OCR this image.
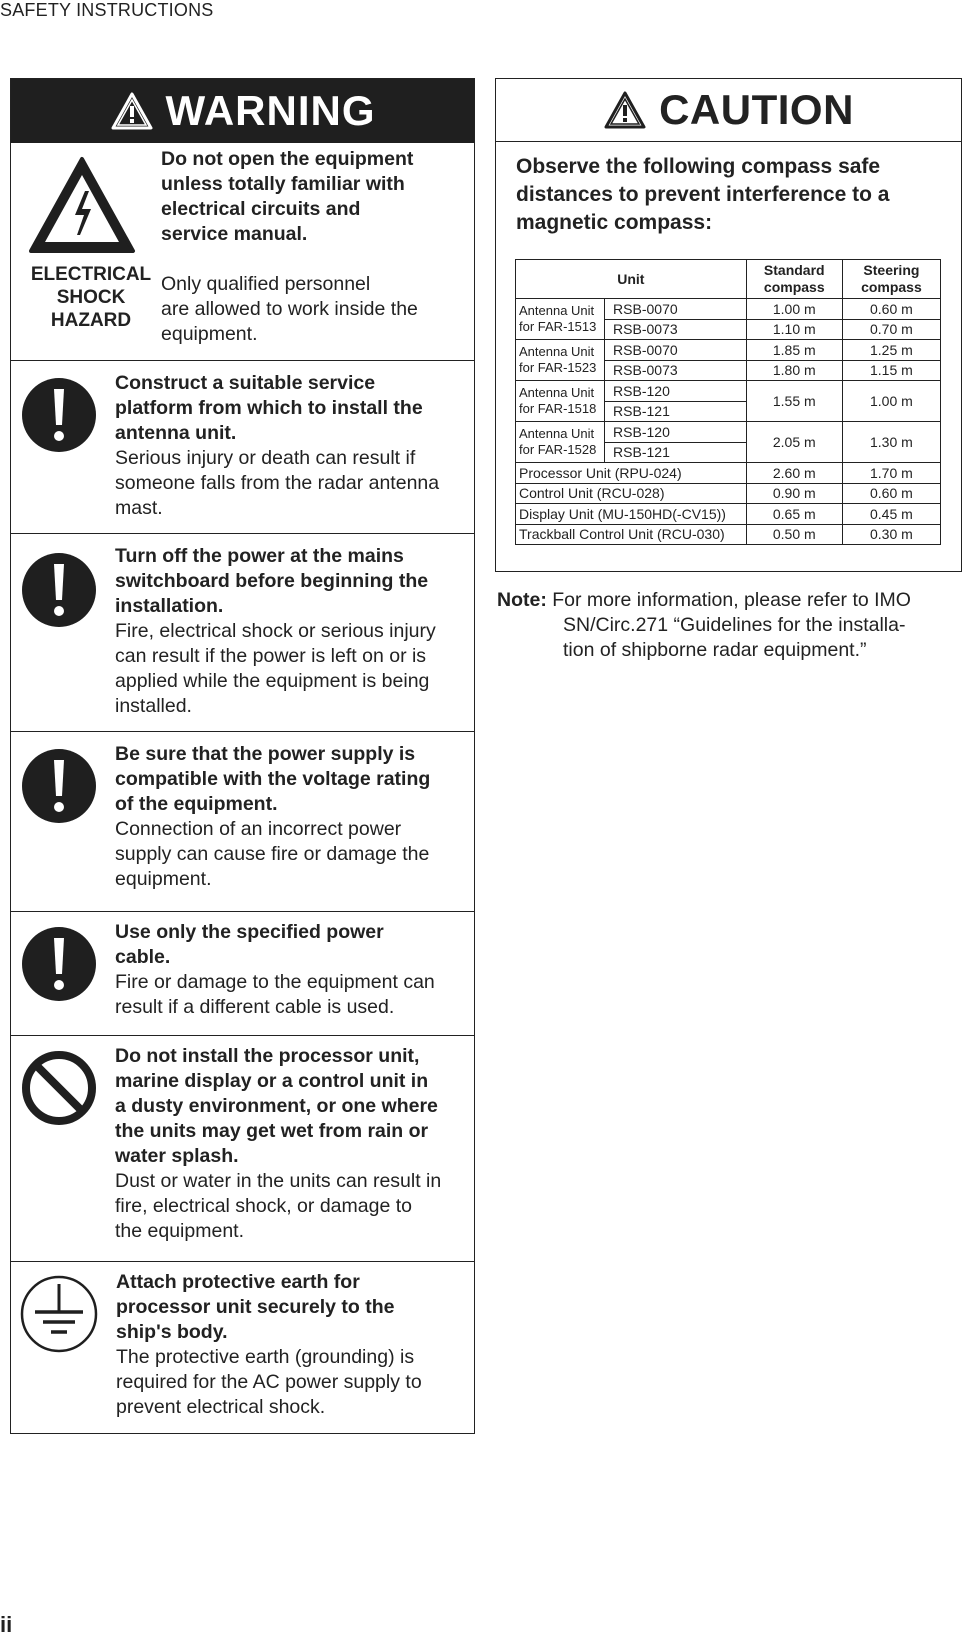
SAFETY INSTRUCTIONS
WARNING
ELECTRICAL
SHOCK
HAZARD
Do not open the equipment
unless totally familiar with
electrical circuits and
service manual.
Only qualified personnel
are allowed to work inside the
equipment.
Construct a suitable service
platform from which to install the
antenna unit.
Serious injury or death can result if
someone falls from the radar antenna
mast.
Turn off the power at the mains
switchboard before beginning the
installation.
Fire, electrical shock or serious injury
can result if the power is left on or is
applied while the equipment is being
installed.
Be sure that the power supply is
compatible with the voltage rating
of the equipment.
Connection of an incorrect power
supply can cause fire or damage the
equipment.
Use only the specified power
cable.
Fire or damage to the equipment can
result if a different cable is used.
Do not install the processor unit,
marine display or a control unit in
a dusty environment, or one where
the units may get wet from rain or
water splash.
Dust or water in the units can result in
fire, electrical shock, or damage to
the equipment.
Attach protective earth for
processor unit securely to the
ship's body.
The protective earth (grounding) is
required for the AC power supply to
prevent electrical shock.
CAUTION
Observe the following compass safe
distances to prevent interference to a
magnetic compass:
Unit		Standard
compass	Steering
compass

Antenna Unit
for FAR-1513	RSB-0070	1.00 m	0.60 m
	RSB-0073	1.10 m	0.70 m

Antenna Unit
for FAR-1523	RSB-0070	1.85 m	1.25 m
	RSB-0073	1.80 m	1.15 m

Antenna Unit
for FAR-1518	RSB-120	1.55 m	1.00 m
	RSB-121		

Antenna Unit
for FAR-1528	RSB-120	2.05 m	1.30 m
	RSB-121		
Processor Unit (RPU-024)		2.60 m	1.70 m
Control Unit (RCU-028)		0.90 m	0.60 m
Display Unit (MU-150HD(-CV15))		0.65 m	0.45 m
Trackball Control Unit (RCU-030)		0.50 m	0.30 m
Note: For more information, please refer to IMO
SN/Circ.271 “Guidelines for the installa-
tion of shipborne radar equipment.”
ii
